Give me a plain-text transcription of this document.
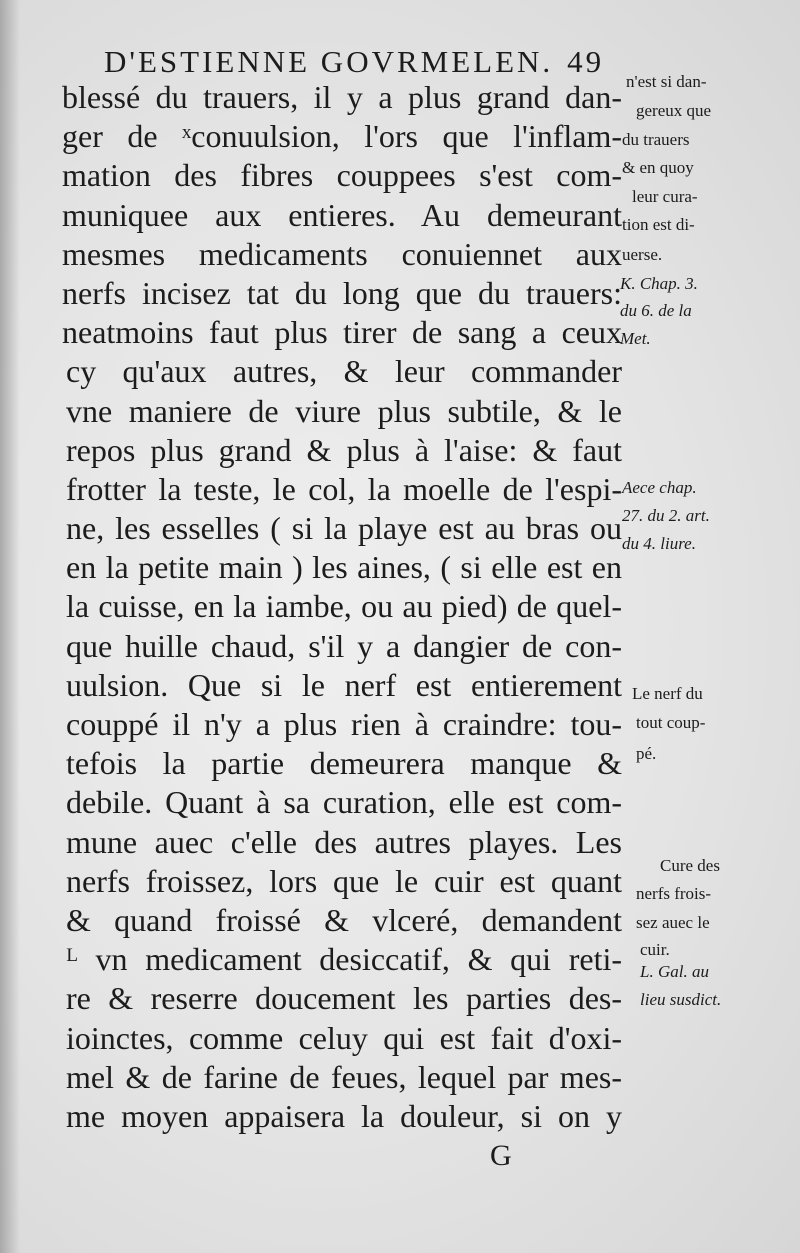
D'ESTIENNE GOVRMELEN. 49
blessé du trauers, il y a plus grand dan-
ger de ˣconuulsion, l'ors que l'inflam-
mation des fibres couppees s'est com-
muniquee aux entieres. Au demeurant
mesmes medicaments conuiennet aux
nerfs incisez tat du long que du trauers:
neatmoins faut plus tirer de sang a ceux
cy qu'aux autres, & leur commander
vne maniere de viure plus subtile, & le
repos plus grand & plus à l'aise: & faut
frotter la teste, le col, la moelle de l'espi-
ne, les esselles ( si la playe est au bras ou
en la petite main ) les aines, ( si elle est en
la cuisse, en la iambe, ou au pied) de quel-
que huille chaud, s'il y a dangier de con-
uulsion. Que si le nerf est entierement
couppé il n'y a plus rien à craindre: tou-
tefois la partie demeurera manque &
debile. Quant à sa curation, elle est com-
mune auec c'elle des autres playes. Les
nerfs froissez, lors que le cuir est quant
& quand froissé & vlceré, demandent
ᴸ vn medicament desiccatif, & qui reti-
re & reserre doucement les parties des-
ioinctes, comme celuy qui est fait d'oxi-
mel & de farine de feues, lequel par mes-
me moyen appaisera la douleur, si on y
n'est si dan-
gereux que
du trauers
& en quoy
leur cura-
tion est di-
uerse.
K. Chap. 3.
du 6. de la
Met.
Aece chap.
27. du 2. art.
du 4. liure.
Le nerf du
tout coup-
pé.
Cure des
nerfs frois-
sez auec le
cuir.
L. Gal. au
lieu susdict.
G
